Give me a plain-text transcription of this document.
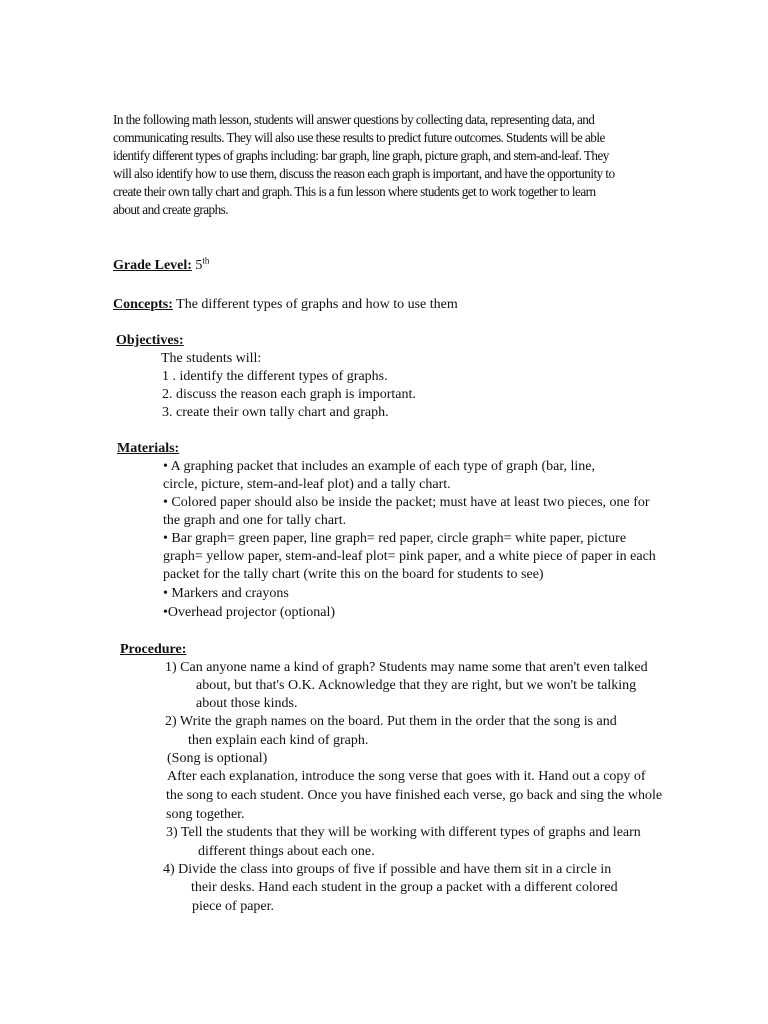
In the following math lesson, students will answer questions by collecting data, representing data, and
communicating results. They will also use these results to predict future outcomes. Students will be able
identify different types of graphs including: bar graph, line graph, picture graph, and stem-and-leaf. They
will also identify how to use them, discuss the reason each graph is important, and have the opportunity to
create their own tally chart and graph. This is a fun lesson where students get to work together to learn
about and create graphs.
Grade Level: 5th
Concepts: The different types of graphs and how to use them
Objectives:
The students will:
1 . identify the different types of graphs.
2. discuss the reason each graph is important.
3. create their own tally chart and graph.
Materials:
• A graphing packet that includes an example of each type of graph (bar, line,
circle, picture, stem-and-leaf plot) and a tally chart.
• Colored paper should also be inside the packet; must have at least two pieces, one for
the graph and one for tally chart.
• Bar graph= green paper, line graph= red paper, circle graph= white paper, picture
graph= yellow paper, stem-and-leaf plot= pink paper, and a white piece of paper in each
packet for the tally chart (write this on the board for students to see)
• Markers and crayons
•Overhead projector (optional)
Procedure:
1) Can anyone name a kind of graph? Students may name some that aren't even talked
about, but that's O.K. Acknowledge that they are right, but we won't be talking
about those kinds.
2) Write the graph names on the board. Put them in the order that the song is and
then explain each kind of graph.
(Song is optional)
After each explanation, introduce the song verse that goes with it. Hand out a copy of
the song to each student. Once you have finished each verse, go back and sing the whole
song together.
3) Tell the students that they will be working with different types of graphs and learn
different things about each one.
4) Divide the class into groups of five if possible and have them sit in a circle in
their desks. Hand each student in the group a packet with a different colored
piece of paper.
